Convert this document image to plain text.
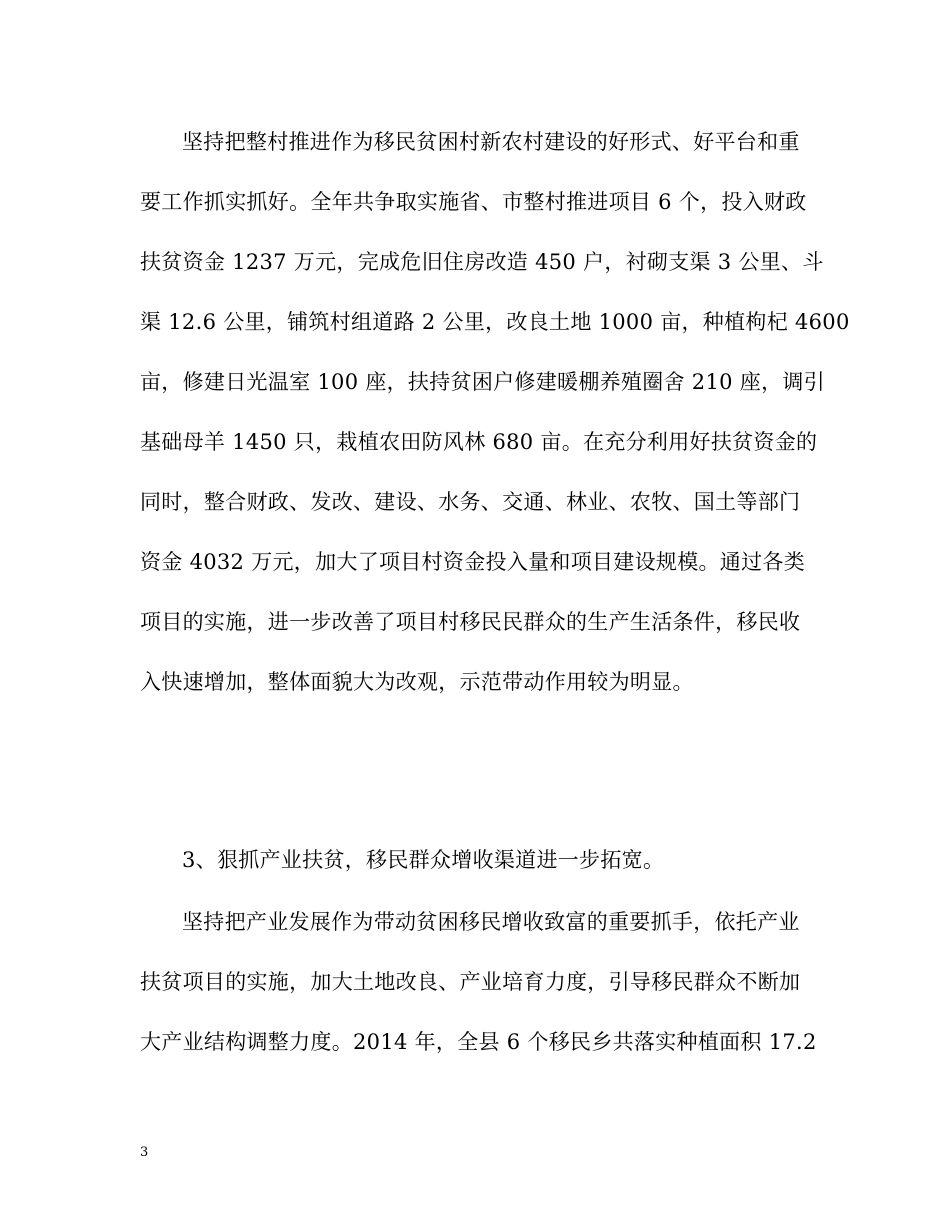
坚持把整村推进作为移民贫困村新农村建设的好形式、好平台和重
要工作抓实抓好。全年共争取实施省、市整村推进项目 6 个，投入财政
扶贫资金 1237 万元，完成危旧住房改造 450 户，衬砌支渠 3 公里、斗
渠 12.6 公里，铺筑村组道路 2 公里，改良土地 1000 亩，种植枸杞 4600
亩，修建日光温室 100 座，扶持贫困户修建暖棚养殖圈舍 210 座，调引
基础母羊 1450 只，栽植农田防风林 680 亩。在充分利用好扶贫资金的
同时，整合财政、发改、建设、水务、交通、林业、农牧、国土等部门
资金 4032 万元，加大了项目村资金投入量和项目建设规模。通过各类
项目的实施，进一步改善了项目村移民民群众的生产生活条件，移民收
入快速增加，整体面貌大为改观，示范带动作用较为明显。
3、狠抓产业扶贫，移民群众增收渠道进一步拓宽。
坚持把产业发展作为带动贫困移民增收致富的重要抓手，依托产业
扶贫项目的实施，加大土地改良、产业培育力度，引导移民群众不断加
大产业结构调整力度。2014 年，全县 6 个移民乡共落实种植面积 17.2
3
